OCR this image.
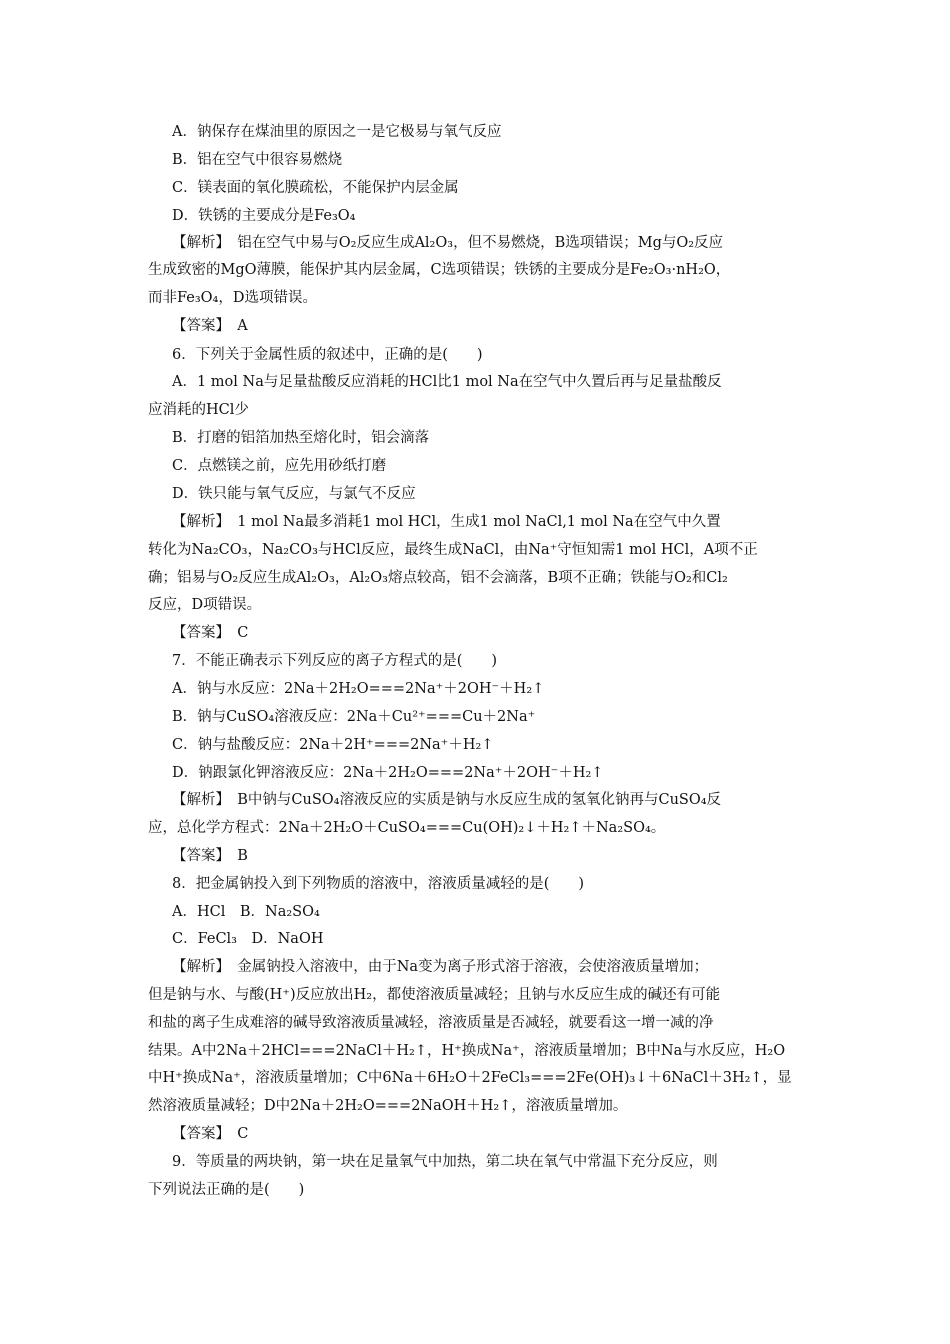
A．钠保存在煤油里的原因之一是它极易与氧气反应
B．铝在空气中很容易燃烧
C．镁表面的氧化膜疏松，不能保护内层金属
D．铁锈的主要成分是Fe₃O₄
【解析】　铝在空气中易与O₂反应生成Al₂O₃，但不易燃烧，B选项错误；Mg与O₂反应
生成致密的MgO薄膜，能保护其内层金属，C选项错误；铁锈的主要成分是Fe₂O₃·nH₂O，
而非Fe₃O₄，D选项错误。
【答案】　A
6．下列关于金属性质的叙述中，正确的是(　　)
A．1 mol Na与足量盐酸反应消耗的HCl比1 mol Na在空气中久置后再与足量盐酸反
应消耗的HCl少
B．打磨的铝箔加热至熔化时，铝会滴落
C．点燃镁之前，应先用砂纸打磨
D．铁只能与氧气反应，与氯气不反应
【解析】　1 mol Na最多消耗1 mol HCl，生成1 mol NaCl,1 mol Na在空气中久置
转化为Na₂CO₃，Na₂CO₃与HCl反应，最终生成NaCl，由Na⁺守恒知需1 mol HCl，A项不正
确；铝易与O₂反应生成Al₂O₃，Al₂O₃熔点较高，铝不会滴落，B项不正确；铁能与O₂和Cl₂
反应，D项错误。
【答案】　C
7．不能正确表示下列反应的离子方程式的是(　　)
A．钠与水反应：2Na＋2H₂O===2Na⁺＋2OH⁻＋H₂↑
B．钠与CuSO₄溶液反应：2Na＋Cu²⁺===Cu＋2Na⁺
C．钠与盐酸反应：2Na＋2H⁺===2Na⁺＋H₂↑
D．钠跟氯化钾溶液反应：2Na＋2H₂O===2Na⁺＋2OH⁻＋H₂↑
【解析】　B中钠与CuSO₄溶液反应的实质是钠与水反应生成的氢氧化钠再与CuSO₄反
应，总化学方程式：2Na＋2H₂O＋CuSO₄===Cu(OH)₂↓＋H₂↑＋Na₂SO₄。
【答案】　B
8．把金属钠投入到下列物质的溶液中，溶液质量减轻的是(　　)
A．HCl　B．Na₂SO₄
C．FeCl₃　D．NaOH
【解析】　金属钠投入溶液中，由于Na变为离子形式溶于溶液，会使溶液质量增加；
但是钠与水、与酸(H⁺)反应放出H₂，都使溶液质量减轻；且钠与水反应生成的碱还有可能
和盐的离子生成难溶的碱导致溶液质量减轻，溶液质量是否减轻，就要看这一增一减的净
结果。A中2Na＋2HCl===2NaCl＋H₂↑，H⁺换成Na⁺，溶液质量增加；B中Na与水反应，H₂O
中H⁺换成Na⁺，溶液质量增加；C中6Na＋6H₂O＋2FeCl₃===2Fe(OH)₃↓＋6NaCl＋3H₂↑，显
然溶液质量减轻；D中2Na＋2H₂O===2NaOH＋H₂↑，溶液质量增加。
【答案】　C
9．等质量的两块钠，第一块在足量氧气中加热，第二块在氧气中常温下充分反应，则
下列说法正确的是(　　)
